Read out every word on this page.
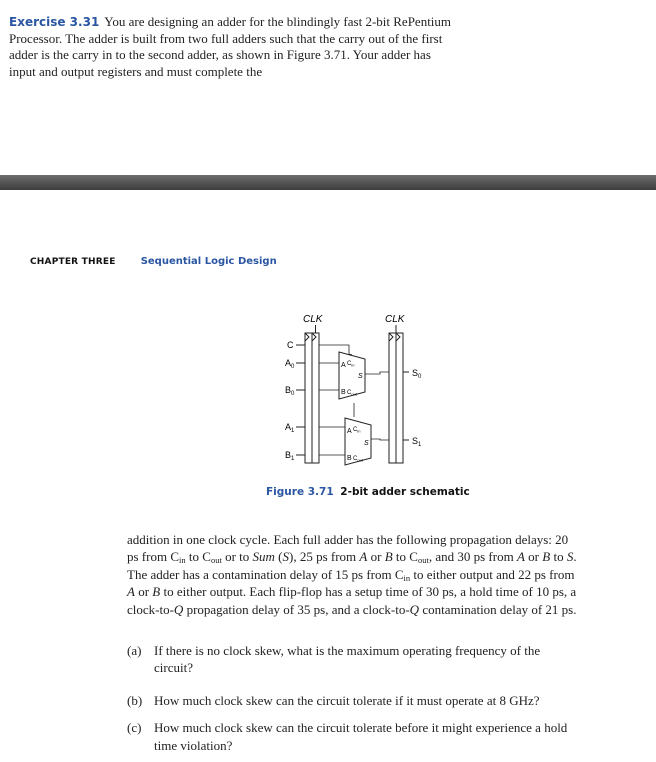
Exercise 3.31 You are designing an adder for the blindingly fast 2-bit RePentium Processor. The adder is built from two full adders such that the carry out of the first adder is the carry in to the second adder, as shown in Figure 3.71. Your adder has input and output registers and must complete the

CHAPTER THREE	Sequential Logic Design
CLK	CLK
C
$A_0$
$B_0$
$A_1$
$B_1$
A $C_{in}$
S
B $C_{out}$
A $C_{in}$
S
B $C_{out}$
$S_0$
$S_1$
Figure 3.71 2-bit adder schematic

addition in one clock cycle. Each full adder has the following propagation delays: 20 ps from $C_{in}$ to $C_{out}$ or to Sum (S), 25 ps from A or B to $C_{out}$, and 30 ps from A or B to S. The adder has a contamination delay of 15 ps from $C_{in}$ to either output and 22 ps from A or B to either output. Each flip-flop has a setup time of 30 ps, a hold time of 10 ps, a clock-to-Q propagation delay of 35 ps, and a clock-to-Q contamination delay of 21 ps.

(a) If there is no clock skew, what is the maximum operating frequency of the circuit?
(b) How much clock skew can the circuit tolerate if it must operate at 8 GHz?
(c) How much clock skew can the circuit tolerate before it might experience a hold time violation?
